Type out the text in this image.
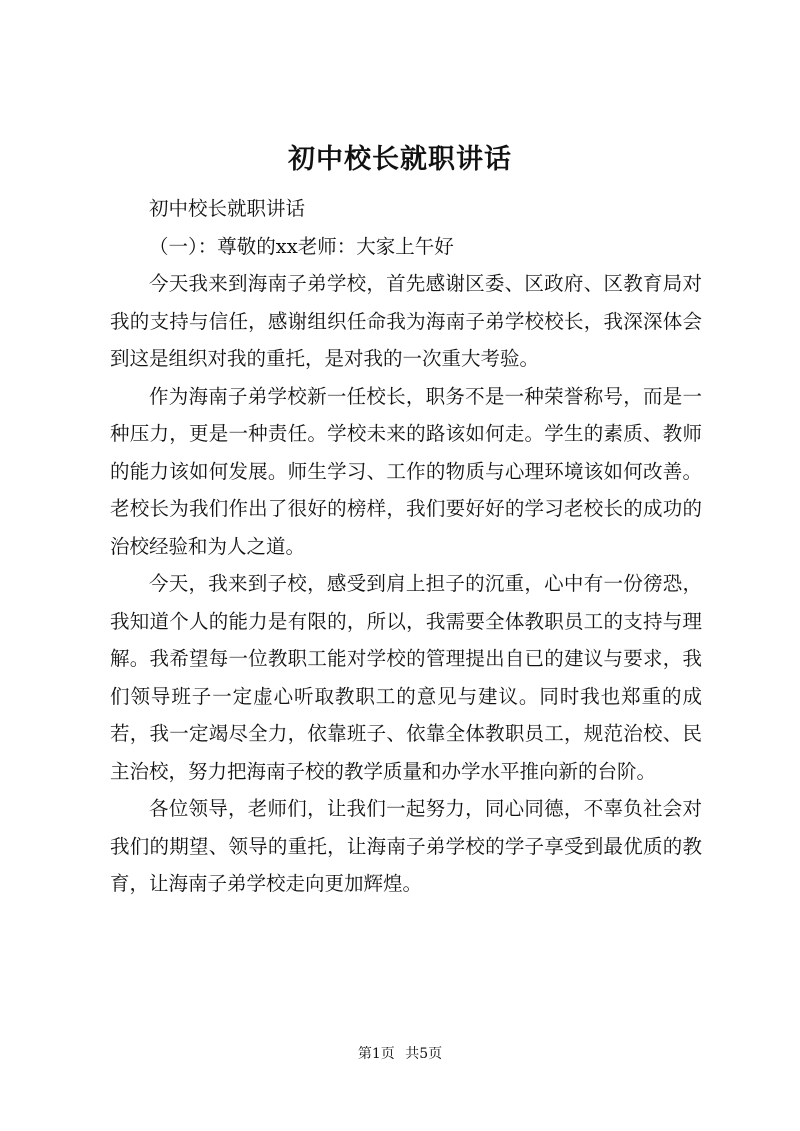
初中校长就职讲话

初中校长就职讲话

（一）：尊敬的xx老师：大家上午好

今天我来到海南子弟学校，首先感谢区委、区政府、区教育局对我的支持与信任，感谢组织任命我为海南子弟学校校长，我深深体会到这是组织对我的重托，是对我的一次重大考验。

作为海南子弟学校新一任校长，职务不是一种荣誉称号，而是一种压力，更是一种责任。学校未来的路该如何走。学生的素质、教师的能力该如何发展。师生学习、工作的物质与心理环境该如何改善。老校长为我们作出了很好的榜样，我们要好好的学习老校长的成功的治校经验和为人之道。

今天，我来到子校，感受到肩上担子的沉重，心中有一份徬恐，我知道个人的能力是有限的，所以，我需要全体教职员工的支持与理解。我希望每一位教职工能对学校的管理提出自已的建议与要求，我们领导班子一定虚心听取教职工的意见与建议。同时我也郑重的成若，我一定竭尽全力，依靠班子、依靠全体教职员工，规范治校、民主治校，努力把海南子校的教学质量和办学水平推向新的台阶。

各位领导，老师们，让我们一起努力，同心同德，不辜负社会对我们的期望、领导的重托，让海南子弟学校的学子享受到最优质的教育，让海南子弟学校走向更加辉煌。

第1页 共5页
